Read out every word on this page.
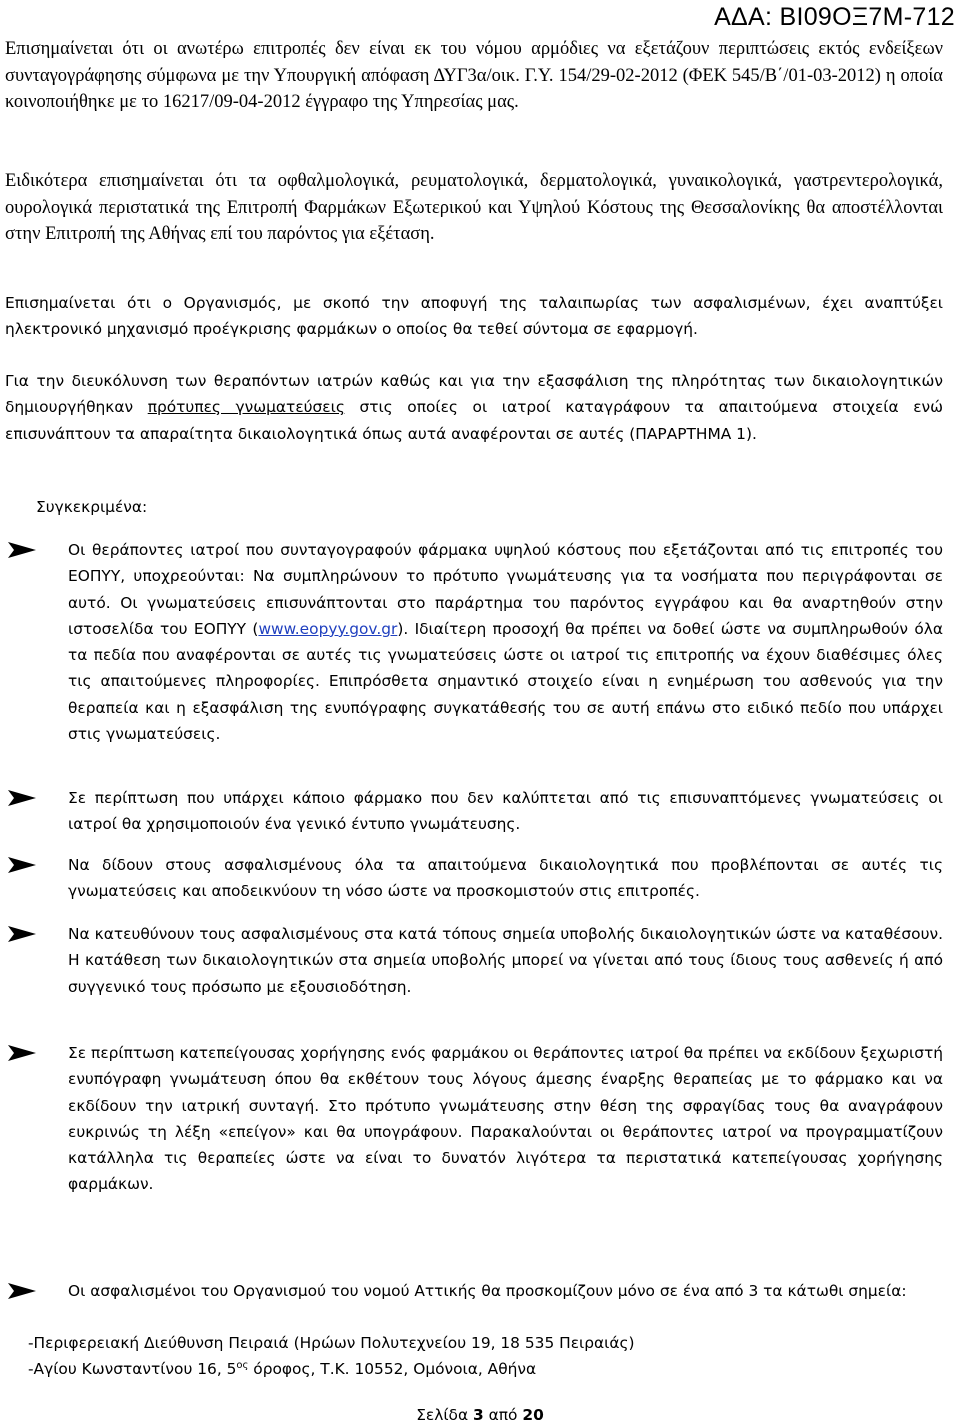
ΑΔΑ: ΒΙ09ΟΞ7Μ-712

Επισημαίνεται ότι οι ανωτέρω επιτροπές δεν είναι εκ του νόμου αρμόδιες να εξετάζουν περιπτώσεις εκτός ενδείξεων συνταγογράφησης σύμφωνα με την Υπουργική απόφαση ΔΥΓ3α/οικ. Γ.Υ. 154/29-02-2012 (ΦΕΚ 545/Β΄/01-03-2012) η οποία κοινοποιήθηκε με το 16217/09-04-2012 έγγραφο της Υπηρεσίας μας.

Ειδικότερα επισημαίνεται ότι τα οφθαλμολογικά, ρευματολογικά, δερματολογικά, γυναικολογικά, γαστρεντερολογικά, ουρολογικά περιστατικά της Επιτροπή Φαρμάκων Εξωτερικού και Υψηλού Κόστους της Θεσσαλονίκης θα αποστέλλονται στην Επιτροπή της Αθήνας επί του παρόντος για εξέταση.

Επισημαίνεται ότι ο Οργανισμός, με σκοπό την αποφυγή της ταλαιπωρίας των ασφαλισμένων, έχει αναπτύξει ηλεκτρονικό μηχανισμό προέγκρισης φαρμάκων ο οποίος θα τεθεί σύντομα σε εφαρμογή.

Για την διευκόλυνση των θεραπόντων ιατρών καθώς και για την εξασφάλιση της πληρότητας των δικαιολογητικών δημιουργήθηκαν πρότυπες γνωματεύσεις στις οποίες οι ιατροί καταγράφουν τα απαιτούμενα στοιχεία ενώ επισυνάπτουν τα απαραίτητα δικαιολογητικά όπως αυτά αναφέρονται σε αυτές (ΠΑΡΑΡΤΗΜΑ 1).

Συγκεκριμένα:

Οι θεράποντες ιατροί που συνταγογραφούν φάρμακα υψηλού κόστους που εξετάζονται από τις επιτροπές του ΕΟΠΥΥ, υποχρεούνται: Να συμπληρώνουν το πρότυπο γνωμάτευσης για τα νοσήματα που περιγράφονται σε αυτό. Οι γνωματεύσεις επισυνάπτονται στο παράρτημα του παρόντος εγγράφου και θα αναρτηθούν στην ιστοσελίδα του ΕΟΠΥΥ (www.eopyy.gov.gr). Ιδιαίτερη προσοχή θα πρέπει να δοθεί ώστε να συμπληρωθούν όλα τα πεδία που αναφέρονται σε αυτές τις γνωματεύσεις ώστε οι ιατροί τις επιτροπής να έχουν διαθέσιμες όλες τις απαιτούμενες πληροφορίες. Επιπρόσθετα σημαντικό στοιχείο είναι η ενημέρωση του ασθενούς για την θεραπεία και η εξασφάλιση της ενυπόγραφης συγκατάθεσής του σε αυτή επάνω στο ειδικό πεδίο που υπάρχει στις γνωματεύσεις.
Σε περίπτωση που υπάρχει κάποιο φάρμακο που δεν καλύπτεται από τις επισυναπτόμενες γνωματεύσεις οι ιατροί θα χρησιμοποιούν ένα γενικό έντυπο γνωμάτευσης.
Να δίδουν στους ασφαλισμένους όλα τα απαιτούμενα δικαιολογητικά που προβλέπονται σε αυτές τις γνωματεύσεις και αποδεικνύουν τη νόσο ώστε να προσκομιστούν στις επιτροπές.
Να κατευθύνουν τους ασφαλισμένους στα κατά τόπους σημεία υποβολής δικαιολογητικών ώστε να καταθέσουν. Η κατάθεση των δικαιολογητικών στα σημεία υποβολής μπορεί να γίνεται από τους ίδιους τους ασθενείς ή από συγγενικό τους πρόσωπο με εξουσιοδότηση.
Σε περίπτωση κατεπείγουσας χορήγησης ενός φαρμάκου οι θεράποντες ιατροί θα πρέπει να εκδίδουν ξεχωριστή ενυπόγραφη γνωμάτευση όπου θα εκθέτουν τους λόγους άμεσης έναρξης θεραπείας με το φάρμακο και να εκδίδουν την ιατρική συνταγή. Στο πρότυπο γνωμάτευσης στην θέση της σφραγίδας τους θα αναγράφουν ευκρινώς τη λέξη «επείγον» και θα υπογράφουν. Παρακαλούνται οι θεράποντες ιατροί να προγραμματίζουν κατάλληλα τις θεραπείες ώστε να είναι το δυνατόν λιγότερα τα περιστατικά κατεπείγουσας χορήγησης φαρμάκων.
Οι ασφαλισμένοι του Οργανισμού του νομού Αττικής θα προσκομίζουν μόνο σε ένα από 3 τα κάτωθι σημεία:
-Περιφερειακή Διεύθυνση Πειραιά (Ηρώων Πολυτεχνείου 19, 18 535 Πειραιάς)
-Αγίου Κωνσταντίνου 16, $5^{o\varsigma}$ όροφος, Τ.Κ. 10552, Ομόνοια, Αθήνα
Σελίδα 3 από 20
